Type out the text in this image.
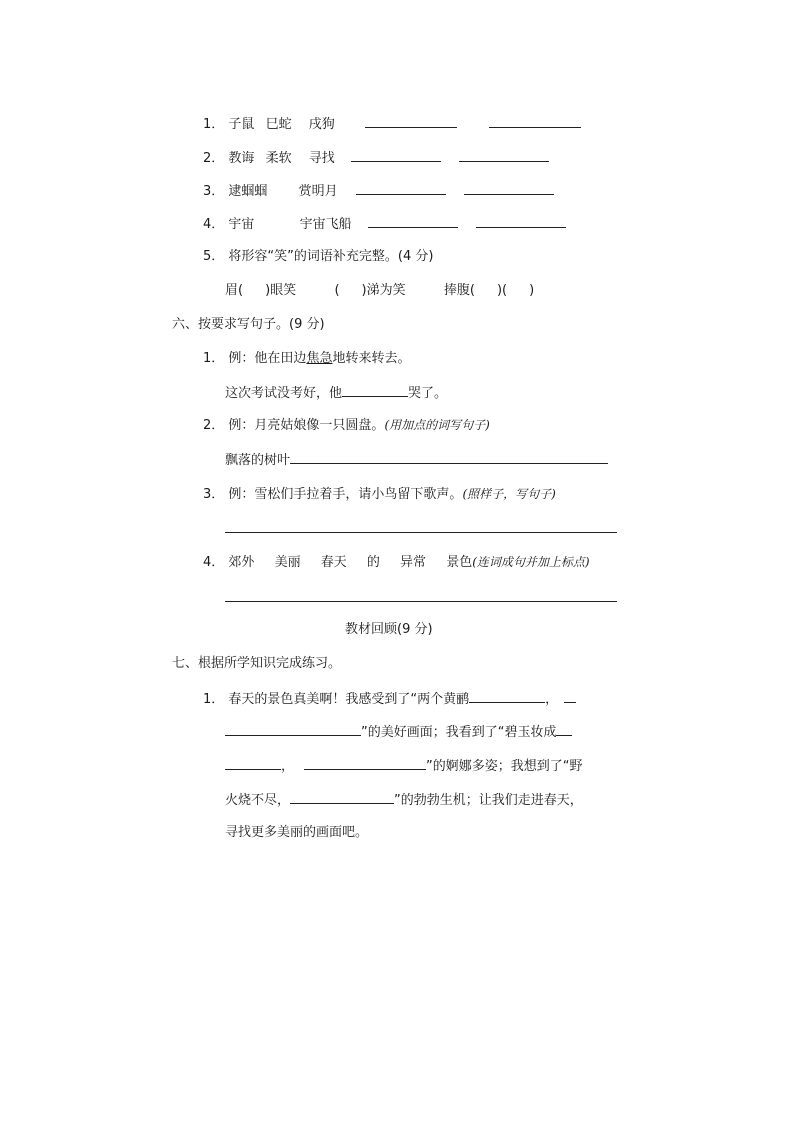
1． 子鼠 巳蛇 戌狗
2． 教诲 柔软 寻找
3． 逮蝈蝈 赏明月
4． 宇宙	宇宙飞船
5． 将形容“笑”的词语补充完整。(4 分)
眉( )眼笑	( )涕为笑	捧腹( )( )
六、按要求写句子。(9 分)
1． 例：他在田边焦急地转来转去。
这次考试没考好，他	哭了。
2． 例：月亮姑娘像一只圆盘。(用加点的词写句子)
飘落的树叶
3． 例：雪松们手拉着手，请小鸟留下歌声。(照样子，写句子)
4． 郊外 美丽 春天 的 异常 景色(连词成句并加上标点)
教材回顾(9 分)
七、根据所学知识完成练习。
1． 春天的景色真美啊！我感受到了“两个黄鹂	，
”的美好画面；我看到了“碧玉妆成
，	”的婀娜多姿；我想到了“野
火烧不尽，	”的勃勃生机；让我们走进春天，
寻找更多美丽的画面吧。
